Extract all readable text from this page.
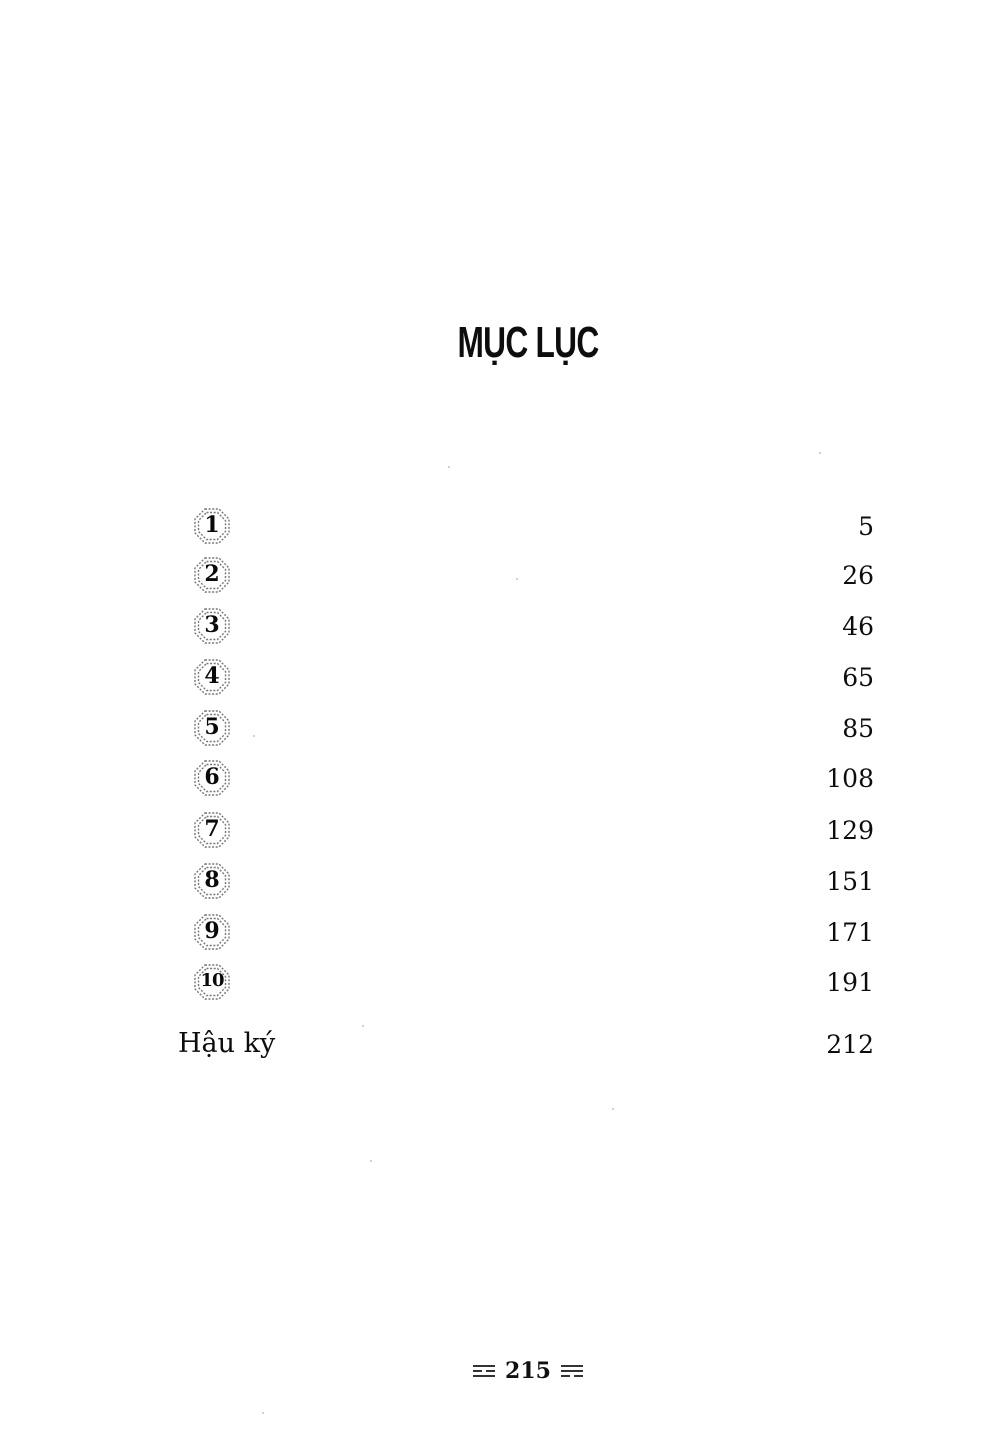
MỤC LỤC
1	5
2	26
3	46
4	65
5	85
6	108
7	129
8	151
9	171
10	191
Hậu ký	212
215
